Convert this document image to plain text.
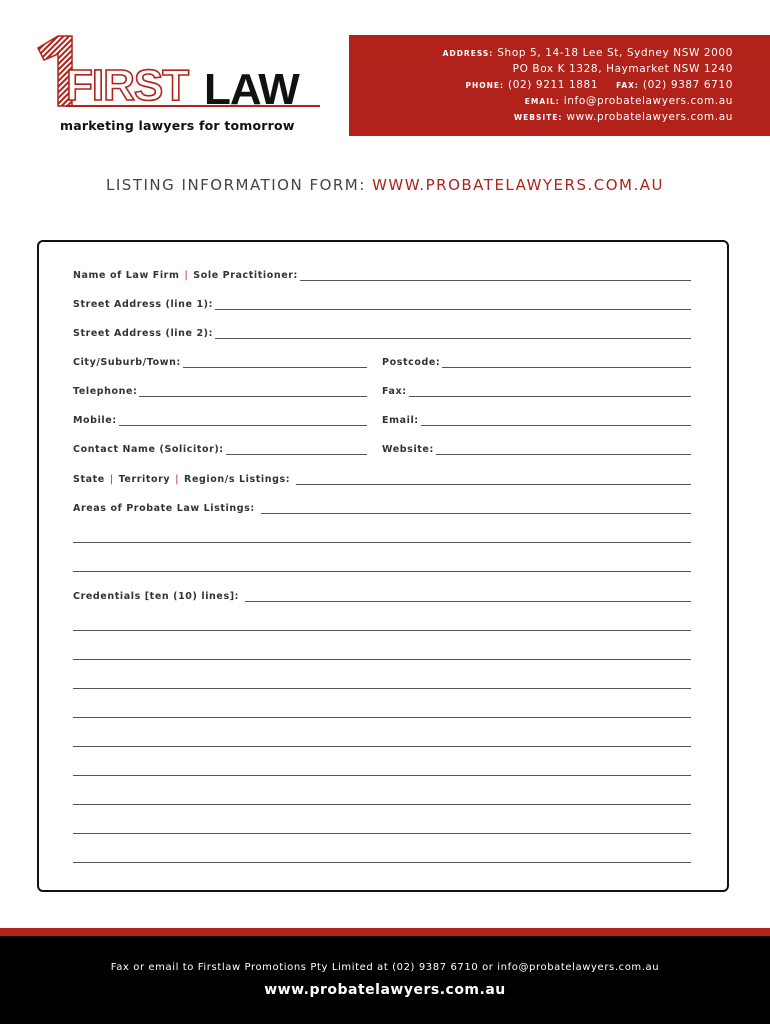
FIRST LAW
marketing lawyers for tomorrow
ADDRESS: Shop 5, 14-18 Lee St, Sydney NSW 2000
PO Box K 1328, Haymarket NSW 1240
PHONE: (02) 9211 1881 FAX: (02) 9387 6710
EMAIL: info@probatelawyers.com.au
WEBSITE: www.probatelawyers.com.au
LISTING INFORMATION FORM: WWW.PROBATELAWYERS.COM.AU
Name of Law Firm | Sole Practitioner:
Street Address (line 1):
Street Address (line 2):
City/Suburb/Town:	Postcode:
Telephone:	Fax:
Mobile:	Email:
Contact Name (Solicitor):	Website:
State | Territory | Region/s Listings:
Areas of Probate Law Listings:
Credentials [ten (10) lines]:
Fax or email to Firstlaw Promotions Pty Limited at (02) 9387 6710 or info@probatelawyers.com.au
www.probatelawyers.com.au
